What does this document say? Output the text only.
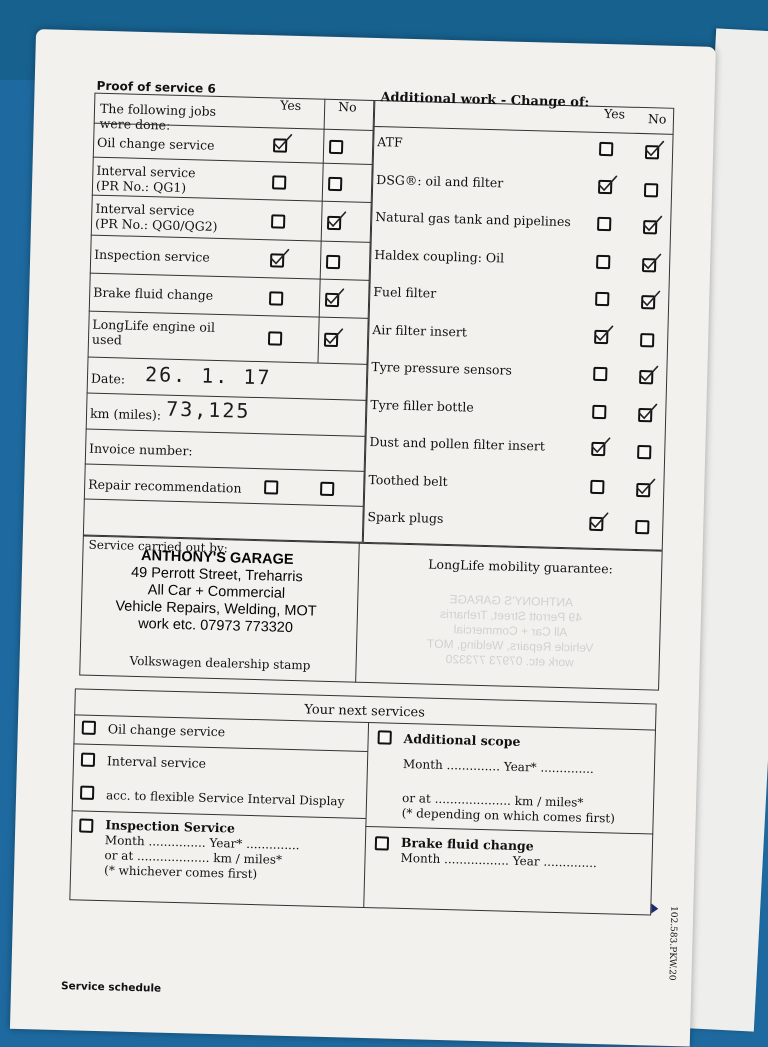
Proof of service 6
The following jobs were done:
Yes	No
Oil change service
Interval service
(PR No.: QG1)
Interval service
(PR No.: QG0/QG2)
Inspection service
Brake fluid change
LongLife engine oil
used
Date: 26. 1. 17
km (miles): 73,125
Invoice number:
Repair recommendation
Additional work - Change of:
Yes No
ATF
DSG®: oil and filter
Natural gas tank and pipelines
Haldex coupling: Oil
Fuel filter
Air filter insert
Tyre pressure sensors
Tyre filler bottle
Dust and pollen filter insert
Toothed belt
Spark plugs
Service carried out by:
ANTHONY'S GARAGE
49 Perrott Street, Treharris
All Car + Commercial
Vehicle Repairs, Welding, MOT
work etc. 07973 773320
Volkswagen dealership stamp
LongLife mobility guarantee:
ANTHONY'S GARAGE
49 Perrott Street, Treharris
All Car + Commercial
Vehicle Repairs, Welding, MOT
work etc. 07973 773320
Your next services
Oil change service
Interval service
acc. to flexible Service Interval Display
Inspection Service
Month ............... Year* ..............
or at ................... km / miles*
(* whichever comes first)
Additional scope
Month .............. Year* ..............
or at .................... km / miles*
(* depending on which comes first)
Brake fluid change
Month ................. Year ..............
102.583.PKW.20
Service schedule
